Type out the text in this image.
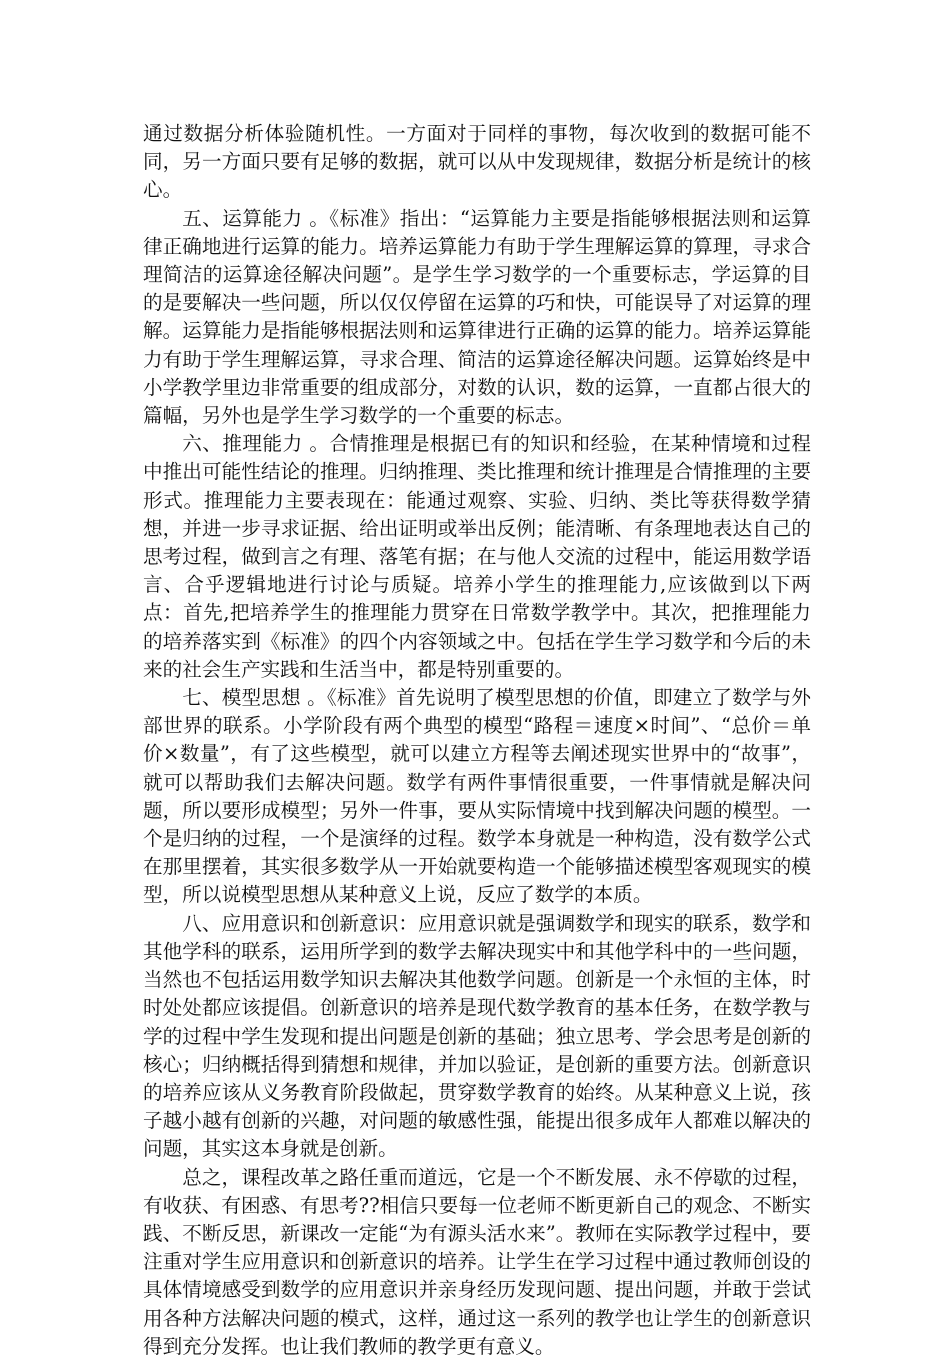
通过数据分析体验随机性。一方面对于同样的事物，每次收到的数据可能不同，另一方面只要有足够的数据，就可以从中发现规律，数据分析是统计的核心。

五、运算能力 。《标准》指出：“运算能力主要是指能够根据法则和运算律正确地进行运算的能力。培养运算能力有助于学生理解运算的算理，寻求合理简洁的运算途径解决问题”。是学生学习数学的一个重要标志，学运算的目的是要解决一些问题，所以仅仅停留在运算的巧和快，可能误导了对运算的理解。运算能力是指能够根据法则和运算律进行正确的运算的能力。培养运算能力有助于学生理解运算，寻求合理、简洁的运算途径解决问题。运算始终是中小学教学里边非常重要的组成部分，对数的认识，数的运算，一直都占很大的篇幅，另外也是学生学习数学的一个重要的标志。

六、推理能力 。合情推理是根据已有的知识和经验，在某种情境和过程中推出可能性结论的推理。归纳推理、类比推理和统计推理是合情推理的主要形式。推理能力主要表现在：能通过观察、实验、归纳、类比等获得数学猜想，并进一步寻求证据、给出证明或举出反例；能清晰、有条理地表达自己的思考过程，做到言之有理、落笔有据；在与他人交流的过程中，能运用数学语言、合乎逻辑地进行讨论与质疑。培养小学生的推理能力,应该做到以下两点：首先,把培养学生的推理能力贯穿在日常数学教学中。其次，把推理能力的培养落实到《标准》的四个内容领域之中。包括在学生学习数学和今后的未来的社会生产实践和生活当中，都是特别重要的。

七、模型思想 。《标准》首先说明了模型思想的价值，即建立了数学与外部世界的联系。小学阶段有两个典型的模型“路程＝速度×时间”、“总价＝单价×数量”，有了这些模型，就可以建立方程等去阐述现实世界中的“故事”，就可以帮助我们去解决问题。数学有两件事情很重要，一件事情就是解决问题，所以要形成模型；另外一件事，要从实际情境中找到解决问题的模型。一个是归纳的过程，一个是演绎的过程。数学本身就是一种构造，没有数学公式在那里摆着，其实很多数学从一开始就要构造一个能够描述模型客观现实的模型，所以说模型思想从某种意义上说，反应了数学的本质。

八、应用意识和创新意识：应用意识就是强调数学和现实的联系，数学和其他学科的联系，运用所学到的数学去解决现实中和其他学科中的一些问题，当然也不包括运用数学知识去解决其他数学问题。创新是一个永恒的主体，时时处处都应该提倡。创新意识的培养是现代数学教育的基本任务，在数学教与学的过程中学生发现和提出问题是创新的基础；独立思考、学会思考是创新的核心；归纳概括得到猜想和规律，并加以验证，是创新的重要方法。创新意识的培养应该从义务教育阶段做起，贯穿数学教育的始终。从某种意义上说，孩子越小越有创新的兴趣，对问题的敏感性强，能提出很多成年人都难以解决的问题，其实这本身就是创新。

总之，课程改革之路任重而道远，它是一个不断发展、永不停歇的过程，有收获、有困惑、有思考??相信只要每一位老师不断更新自己的观念、不断实践、不断反思，新课改一定能“为有源头活水来”。教师在实际教学过程中，要注重对学生应用意识和创新意识的培养。让学生在学习过程中通过教师创设的具体情境感受到数学的应用意识并亲身经历发现问题、提出问题，并敢于尝试用各种方法解决问题的模式，这样，通过这一系列的教学也让学生的创新意识得到充分发挥。也让我们教师的教学更有意义。
